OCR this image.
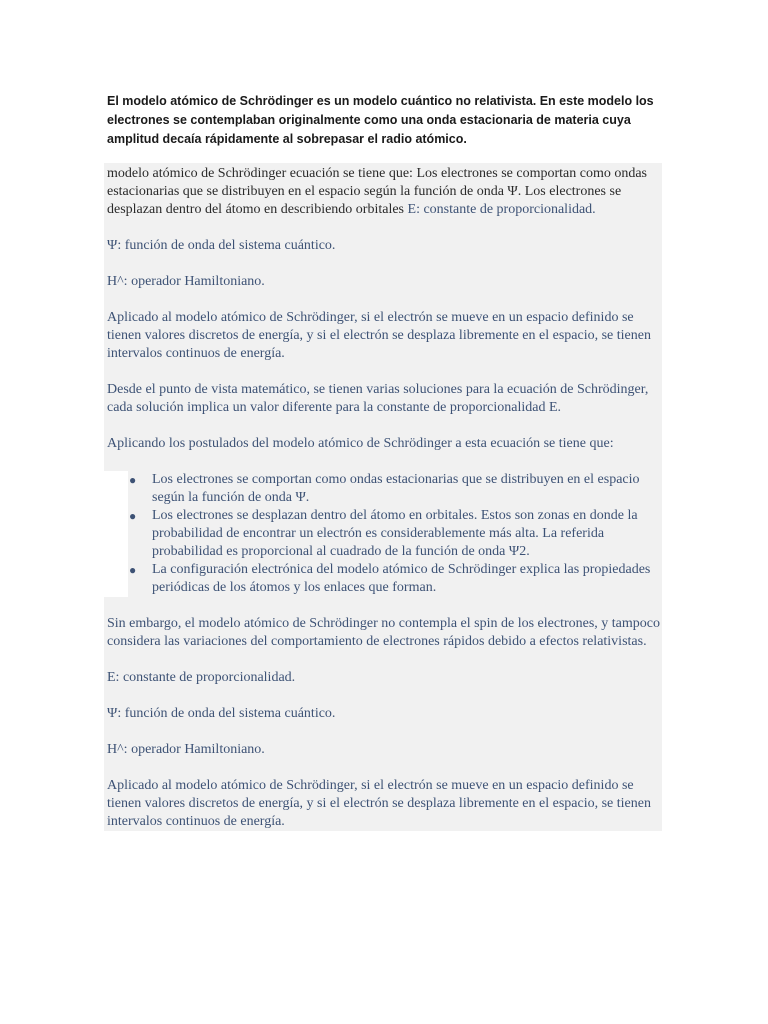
El modelo atómico de Schrödinger es un modelo cuántico no relativista. En este modelo los electrones se contemplaban originalmente como una onda estacionaria de materia cuya amplitud decaía rápidamente al sobrepasar el radio atómico.

modelo atómico de Schrödinger ecuación se tiene que: Los electrones se comportan como ondas estacionarias que se distribuyen en el espacio según la función de onda Ψ. Los electrones se desplazan dentro del átomo en describiendo orbitales E: constante de proporcionalidad.

Ψ: función de onda del sistema cuántico.

H^: operador Hamiltoniano.

Aplicado al modelo atómico de Schrödinger, si el electrón se mueve en un espacio definido se tienen valores discretos de energía, y si el electrón se desplaza libremente en el espacio, se tienen intervalos continuos de energía.

Desde el punto de vista matemático, se tienen varias soluciones para la ecuación de Schrödinger, cada solución implica un valor diferente para la constante de proporcionalidad E.

Aplicando los postulados del modelo atómico de Schrödinger a esta ecuación se tiene que:

● Los electrones se comportan como ondas estacionarias que se distribuyen en el espacio según la función de onda Ψ.
● Los electrones se desplazan dentro del átomo en orbitales. Estos son zonas en donde la probabilidad de encontrar un electrón es considerablemente más alta. La referida probabilidad es proporcional al cuadrado de la función de onda Ψ2.
● La configuración electrónica del modelo atómico de Schrödinger explica las propiedades periódicas de los átomos y los enlaces que forman.

Sin embargo, el modelo atómico de Schrödinger no contempla el spin de los electrones, y tampoco considera las variaciones del comportamiento de electrones rápidos debido a efectos relativistas.

E: constante de proporcionalidad.

Ψ: función de onda del sistema cuántico.

H^: operador Hamiltoniano.

Aplicado al modelo atómico de Schrödinger, si el electrón se mueve en un espacio definido se tienen valores discretos de energía, y si el electrón se desplaza libremente en el espacio, se tienen intervalos continuos de energía.
